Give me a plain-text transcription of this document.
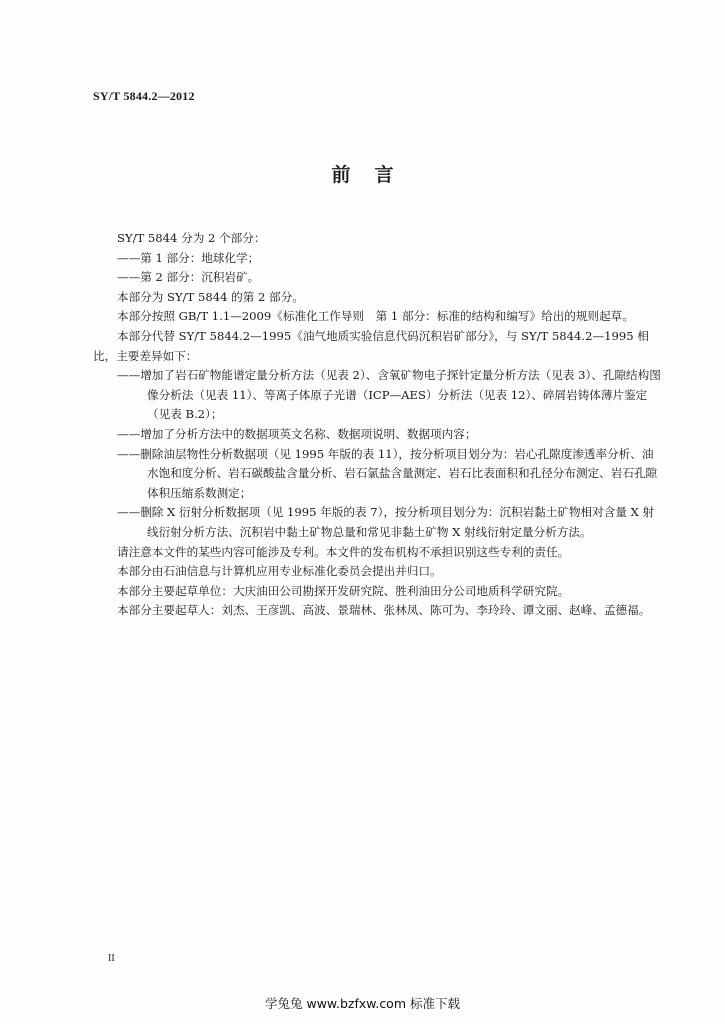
SY/T 5844.2—2012
前言

SY/T 5844 分为 2 个部分：

——第 1 部分：地球化学；

——第 2 部分：沉积岩矿。

本部分为 SY/T 5844 的第 2 部分。

本部分按照 GB/T 1.1—2009《标准化工作导则　第 1 部分：标准的结构和编写》给出的规则起草。

本部分代替 SY/T 5844.2—1995《油气地质实验信息代码沉积岩矿部分》，与 SY/T 5844.2—1995 相比，主要差异如下：

——增加了岩石矿物能谱定量分析方法（见表 2）、含氧矿物电子探针定量分析方法（见表 3）、孔隙结构图像分析法（见表 11）、等离子体原子光谱（ICP—AES）分析法（见表 12）、碎屑岩铸体薄片鉴定（见表 B.2）；

——增加了分析方法中的数据项英文名称、数据项说明、数据项内容；

——删除油层物性分析数据项（见 1995 年版的表 11），按分析项目划分为：岩心孔隙度渗透率分析、油水饱和度分析、岩石碳酸盐含量分析、岩石氯盐含量测定、岩石比表面积和孔径分布测定、岩石孔隙体积压缩系数测定；

——删除 X 衍射分析数据项（见 1995 年版的表 7），按分析项目划分为：沉积岩黏土矿物相对含量 X 射线衍射分析方法、沉积岩中黏土矿物总量和常见非黏土矿物 X 射线衍射定量分析方法。

请注意本文件的某些内容可能涉及专利。本文件的发布机构不承担识别这些专利的责任。

本部分由石油信息与计算机应用专业标准化委员会提出并归口。

本部分主要起草单位：大庆油田公司勘探开发研究院、胜利油田分公司地质科学研究院。

本部分主要起草人：刘杰、王彦凯、高波、景瑞林、张林凤、陈可为、李玲玲、谭文丽、赵峰、孟德福。

II
学兔兔 www.bzfxw.com 标准下载
